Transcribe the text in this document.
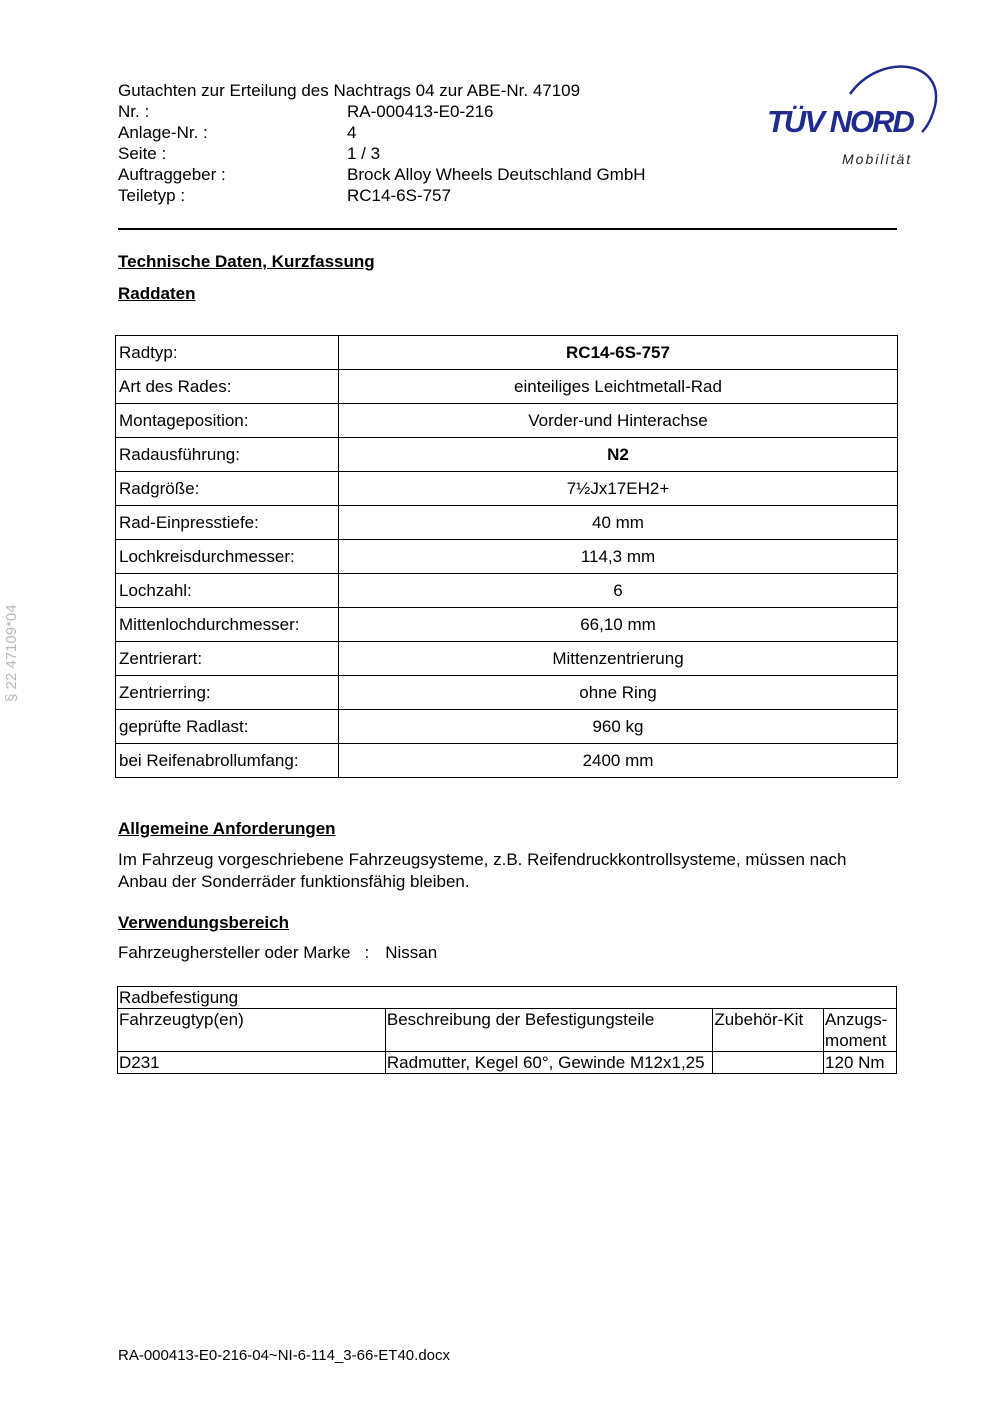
§ 22 47109*04
Gutachten zur Erteilung des Nachtrags 04 zur ABE-Nr. 47109
Nr. :	RA-000413-E0-216
Anlage-Nr. :	4
Seite :	1 / 3
Auftraggeber :	Brock Alloy Wheels Deutschland GmbH
Teiletyp :	RC14-6S-757
TÜV NORD
Mobilität
Technische Daten, Kurzfassung
Raddaten
Radtyp:	RC14-6S-757
Art des Rades:	einteiliges Leichtmetall-Rad
Montageposition:	Vorder-und Hinterachse
Radausführung:	N2
Radgröße:	7½Jx17EH2+
Rad-Einpresstiefe:	40 mm
Lochkreisdurchmesser:	114,3 mm
Lochzahl:	6
Mittenlochdurchmesser:	66,10 mm
Zentrierart:	Mittenzentrierung
Zentrierring:	ohne Ring
geprüfte Radlast:	960 kg
bei Reifenabrollumfang:	2400 mm
Allgemeine Anforderungen
Im Fahrzeug vorgeschriebene Fahrzeugsysteme, z.B. Reifendruckkontrollsysteme, müssen nach Anbau der Sonderräder funktionsfähig bleiben.
Verwendungsbereich
Fahrzeughersteller oder Marke : Nissan
Radbefestigung			
Fahrzeugtyp(en)	Beschreibung der Befestigungsteile	Zubehör-Kit	Anzugs-moment
D231	Radmutter, Kegel 60°, Gewinde M12x1,25		120 Nm
RA-000413-E0-216-04~NI-6-114_3-66-ET40.docx
